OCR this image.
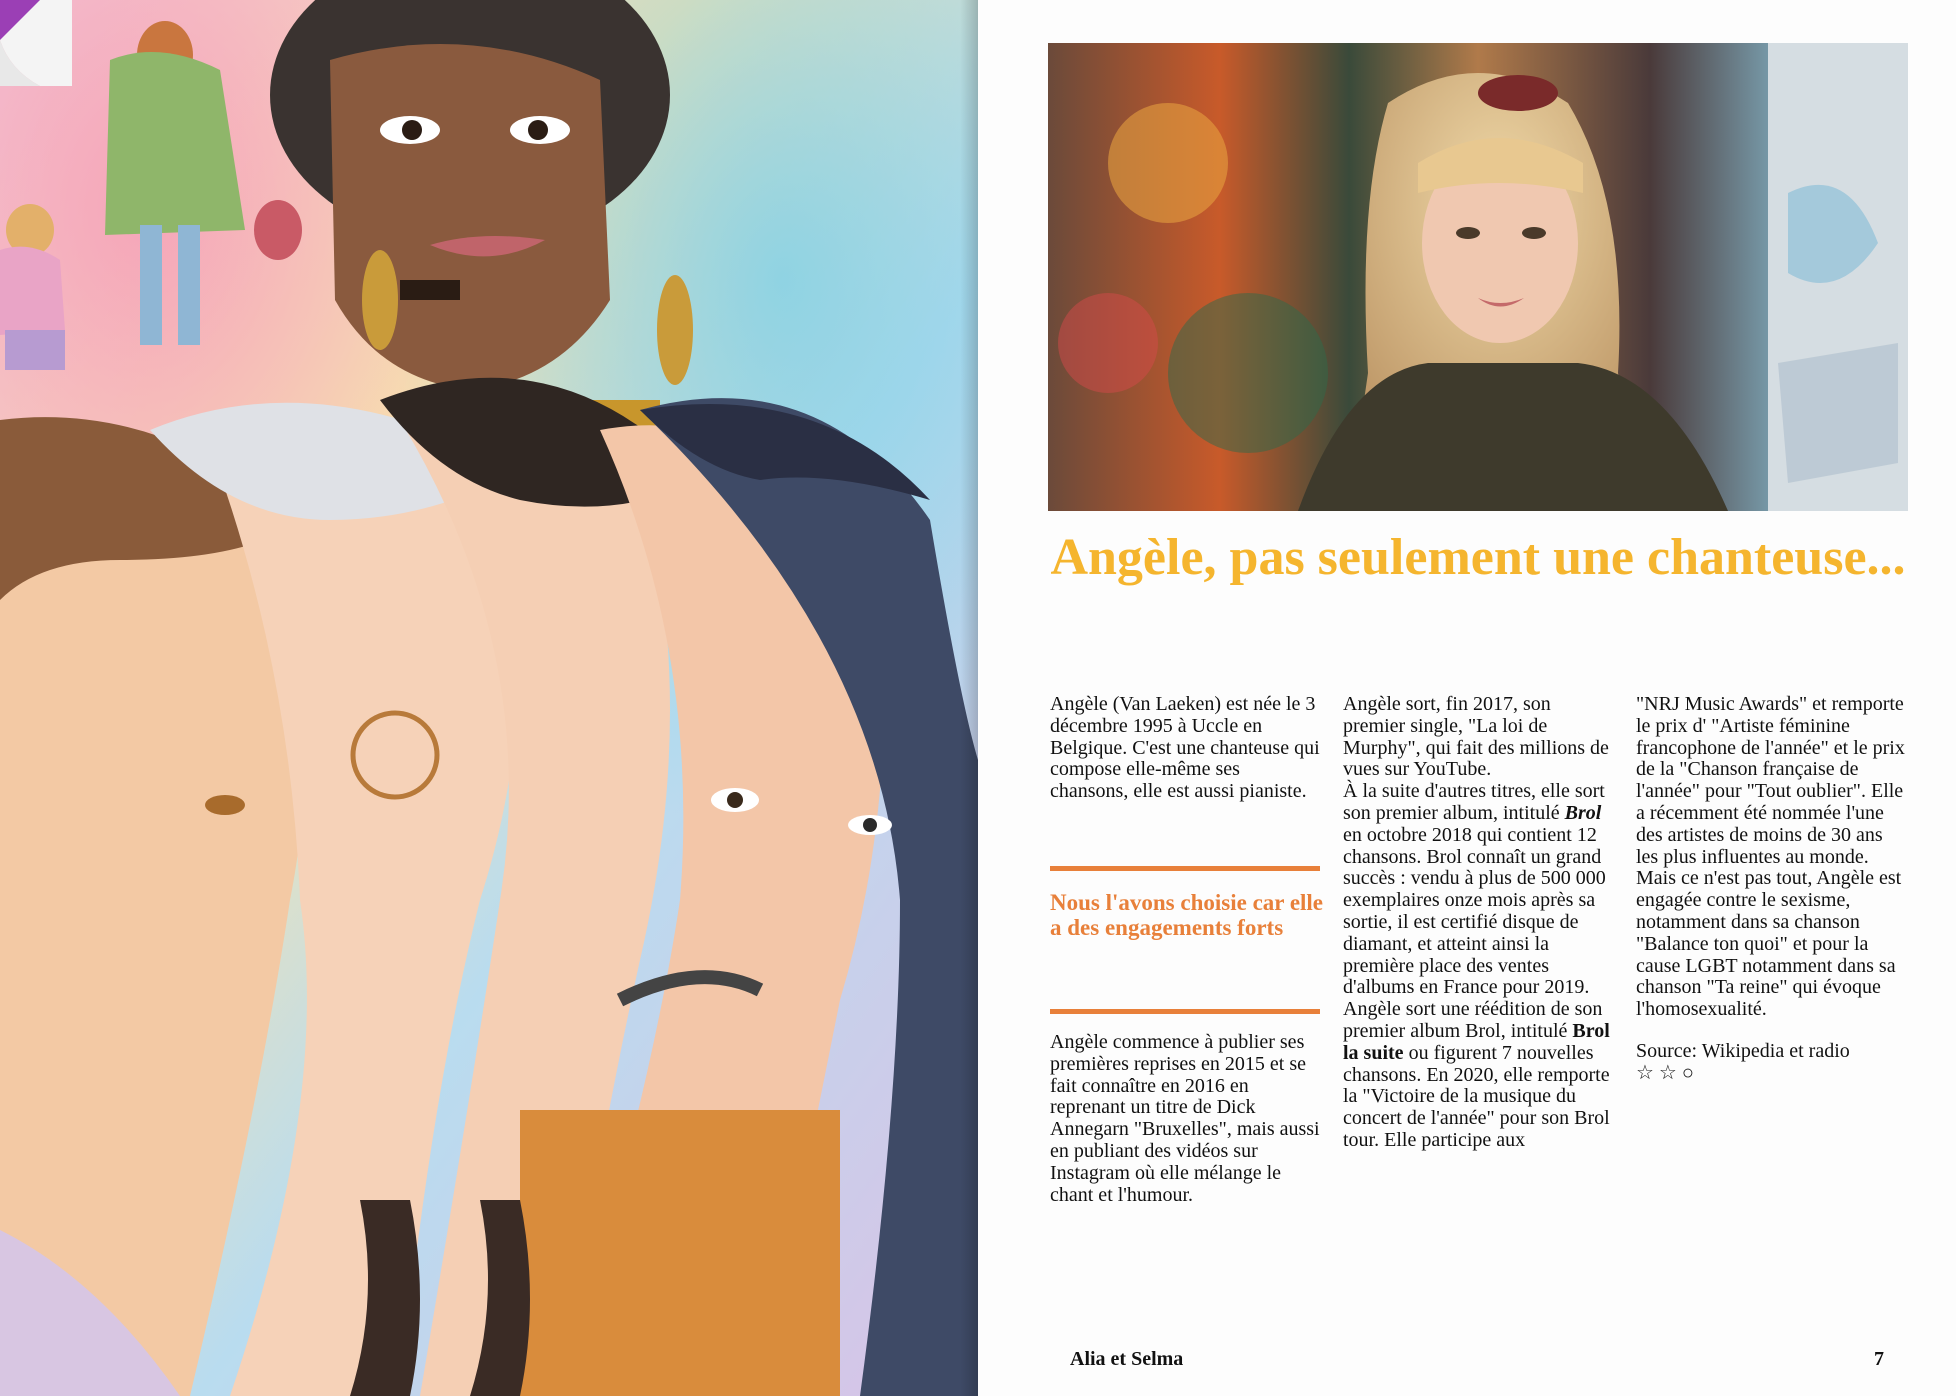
Angèle, pas seulement une chanteuse...

Angèle (Van Laeken) est née le 3 décembre 1995 à Uccle en Belgique. C'est une chanteuse qui compose elle-même ses chansons, elle est aussi pianiste.

Nous l'avons choisie car elle a des engagements forts

Angèle commence à publier ses premières reprises en 2015 et se fait connaître en 2016 en reprenant un titre de Dick Annegarn "Bruxelles", mais aussi en publiant des vidéos sur Instagram où elle mélange le chant et l'humour.

Angèle sort, fin 2017, son premier single, "La loi de Murphy", qui fait des millions de vues sur YouTube.

À la suite d'autres titres, elle sort son premier album, intitulé Brol en octobre 2018 qui contient 12 chansons. Brol connaît un grand succès : vendu à plus de 500 000 exemplaires onze mois après sa sortie, il est certifié disque de diamant, et atteint ainsi la première place des ventes d'albums en France pour 2019.

Angèle sort une réédition de son premier album Brol, intitulé Brol la suite ou figurent 7 nouvelles chansons. En 2020, elle remporte la "Victoire de la musique du concert de l'année" pour son Brol tour. Elle participe aux

"NRJ Music Awards" et remporte le prix d' "Artiste féminine francophone de l'année" et le prix de la "Chanson française de l'année" pour "Tout oublier". Elle a récemment été nommée l'une des artistes de moins de 30 ans les plus influentes au monde. Mais ce n'est pas tout, Angèle est engagée contre le sexisme, notamment dans sa chanson "Balance ton quoi" et pour la cause LGBT notamment dans sa chanson "Ta reine" qui évoque l'homosexualité.

Source: Wikipedia et radio

☆ ☆ ○

Alia et Selma	7
